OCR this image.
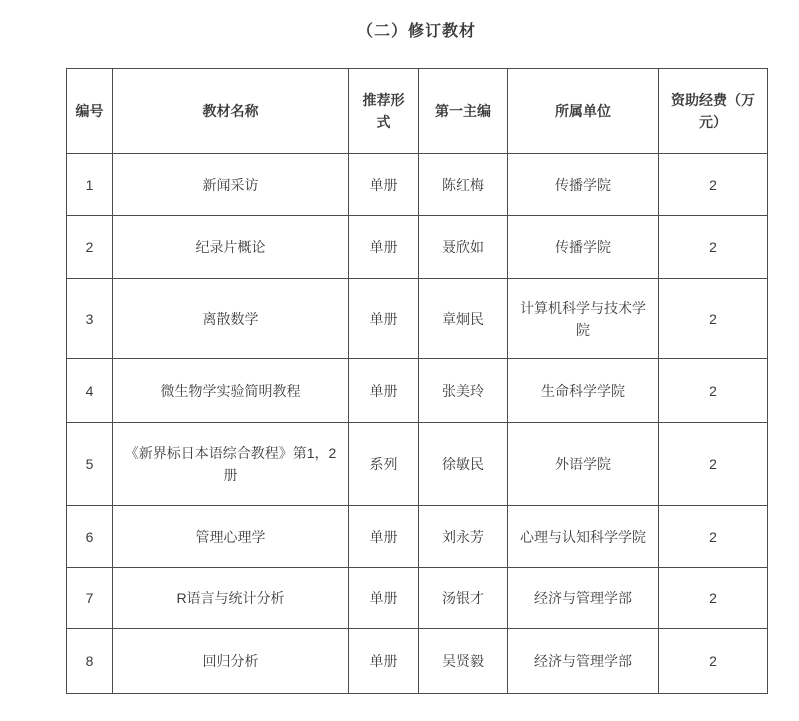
（二）修订教材
编号	教材名称	推荐形式	第一主编	所属单位	资助经费（万元）
1	新闻采访	单册	陈红梅	传播学院	2
2	纪录片概论	单册	聂欣如	传播学院	2
3	离散数学	单册	章炯民	计算机科学与技术学院	2
4	微生物学实验简明教程	单册	张美玲	生命科学学院	2
5	《新界标日本语综合教程》第1，2册	系列	徐敏民	外语学院	2
6	管理心理学	单册	刘永芳	心理与认知科学学院	2
7	R语言与统计分析	单册	汤银才	经济与管理学部	2
8	回归分析	单册	吴贤毅	经济与管理学部	2
